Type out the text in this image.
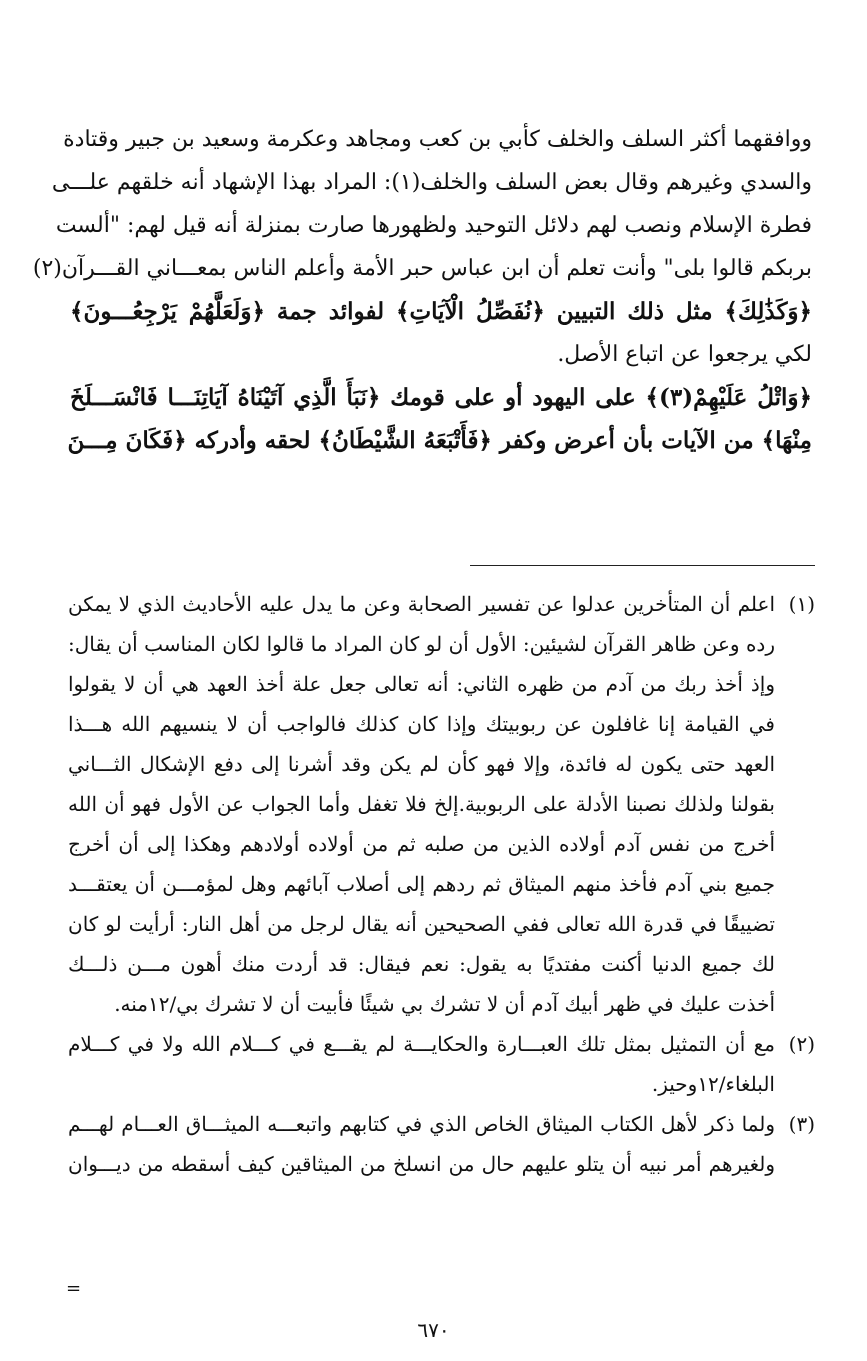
ووافقهما أكثر السلف والخلف كأبي بن كعب ومجاهد وعكرمة وسعيد بن جبير وقتادة
والسدي وغيرهم وقال بعض السلف والخلف(١): المراد بهذا الإشهاد أنه خلقهم علـــى
فطرة الإسلام ونصب لهم دلائل التوحيد ولظهورها صارت بمنزلة أنه قيل لهم: "ألست
بربكم قالوا بلى" وأنت تعلم أن ابن عباس حبر الأمة وأعلم الناس بمعـــاني القـــرآن(٢)
﴿وَكَذَٰلِكَ﴾ مثل ذلك التبيين ﴿نُفَصِّلُ الْآيَاتِ﴾ لفوائد جمة ﴿وَلَعَلَّهُمْ يَرْجِعُـــونَ﴾
لكي يرجعوا عن اتباع الأصل.
﴿وَاتْلُ عَلَيْهِمْ(٣)﴾ على اليهود أو على قومك ﴿نَبَأَ الَّذِي آتَيْنَاهُ آيَاتِنَـــا فَانْسَـــلَخَ
مِنْهَا﴾ من الآيات بأن أعرض وكفر ﴿فَأَتْبَعَهُ الشَّيْطَانُ﴾ لحقه وأدركه ﴿فَكَانَ مِـــنَ
(١)
اعلم أن المتأخرين عدلوا عن تفسير الصحابة وعن ما يدل عليه الأحاديث الذي لا يمكن
رده وعن ظاهر القرآن لشيئين: الأول أن لو كان المراد ما قالوا لكان المناسب أن يقال:
وإذ أخذ ربك من آدم من ظهره الثاني: أنه تعالى جعل علة أخذ العهد هي أن لا يقولوا
في القيامة إنا غافلون عن ربوبيتك وإذا كان كذلك فالواجب أن لا ينسيهم الله هـــذا
العهد حتى يكون له فائدة، وإلا فهو كأن لم يكن وقد أشرنا إلى دفع الإشكال الثـــاني
بقولنا ولذلك نصبنا الأدلة على الربوبية.إلخ فلا تغفل وأما الجواب عن الأول فهو أن الله
أخرج من نفس آدم أولاده الذين من صلبه ثم من أولاده أولادهم وهكذا إلى أن أخرج
جميع بني آدم فأخذ منهم الميثاق ثم ردهم إلى أصلاب آبائهم وهل لمؤمـــن أن يعتقـــد
تضييقًا في قدرة الله تعالى ففي الصحيحين أنه يقال لرجل من أهل النار: أرأيت لو كان
لك جميع الدنيا أكنت مفتديًا به يقول: نعم فيقال: قد أردت منك أهون مـــن ذلـــك
أخذت عليك في ظهر أبيك آدم أن لا تشرك بي شيئًا فأبيت أن لا تشرك بي/١٢منه.
(٢)
مع أن التمثيل بمثل تلك العبـــارة والحكايـــة لم يقـــع في كـــلام الله ولا في كـــلام
البلغاء/١٢وحيز.
(٣)
ولما ذكر لأهل الكتاب الميثاق الخاص الذي في كتابهم واتبعـــه الميثـــاق العـــام لهـــم
ولغيرهم أمر نبيه أن يتلو عليهم حال من انسلخ من الميثاقين كيف أسقطه من ديـــوان
=
٦٧٠
